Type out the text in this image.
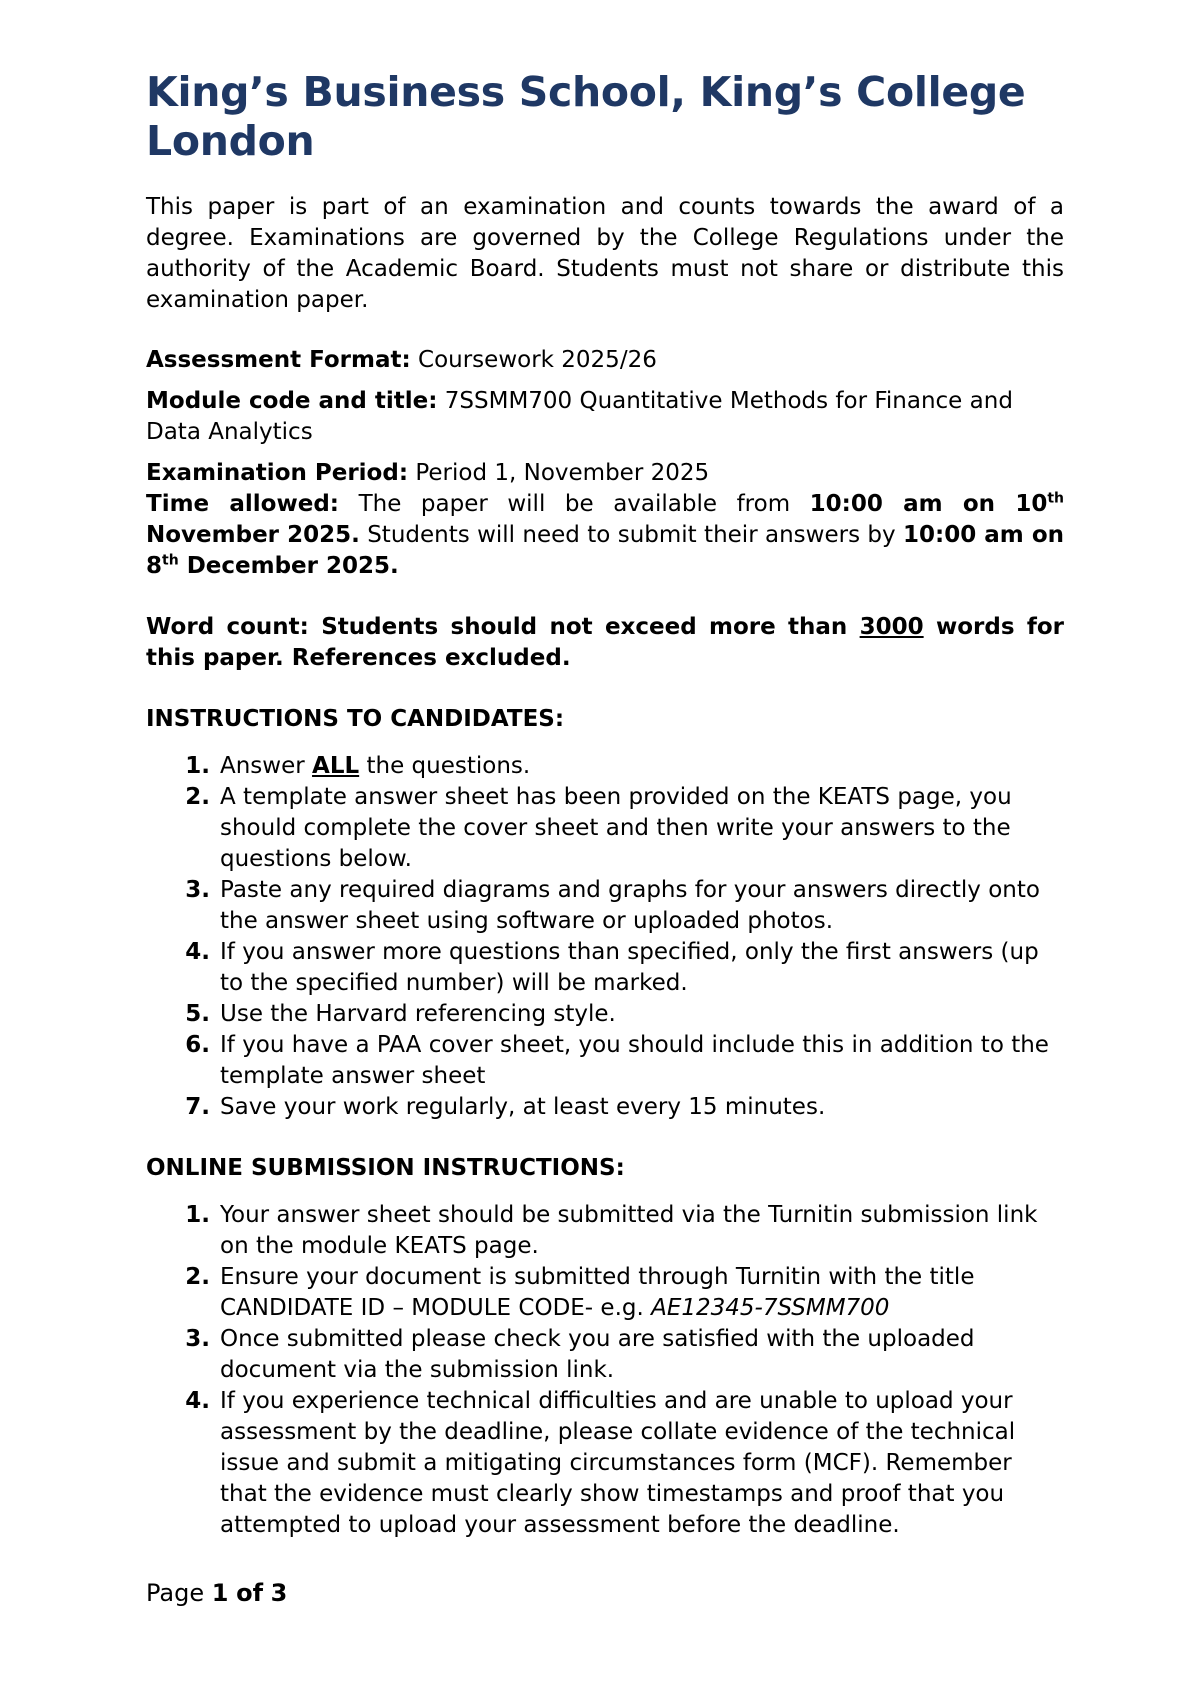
King’s Business School, King’s College London

This paper is part of an examination and counts towards the award of a degree. Examinations are governed by the College Regulations under the authority of the Academic Board. Students must not share or distribute this examination paper.

Assessment Format: Coursework 2025/26

Module code and title: 7SSMM700 Quantitative Methods for Finance and Data Analytics

Examination Period: Period 1, November 2025

Time allowed: The paper will be available from 10:00 am on 10th November 2025. Students will need to submit their answers by 10:00 am on 8th December 2025.

Word count: Students should not exceed more than 3000 words for this paper. References excluded.

INSTRUCTIONS TO CANDIDATES:

1. Answer ALL the questions.
2. A template answer sheet has been provided on the KEATS page, you should complete the cover sheet and then write your answers to the questions below.
3. Paste any required diagrams and graphs for your answers directly onto the answer sheet using software or uploaded photos.
4. If you answer more questions than specified, only the first answers (up to the specified number) will be marked.
5. Use the Harvard referencing style.
6. If you have a PAA cover sheet, you should include this in addition to the template answer sheet
7. Save your work regularly, at least every 15 minutes.

ONLINE SUBMISSION INSTRUCTIONS:

1. Your answer sheet should be submitted via the Turnitin submission link on the module KEATS page.
2. Ensure your document is submitted through Turnitin with the title CANDIDATE ID – MODULE CODE- e.g. AE12345-7SSMM700
3. Once submitted please check you are satisfied with the uploaded document via the submission link.
4. If you experience technical difficulties and are unable to upload your assessment by the deadline, please collate evidence of the technical issue and submit a mitigating circumstances form (MCF). Remember that the evidence must clearly show timestamps and proof that you attempted to upload your assessment before the deadline.
Page 1 of 3
